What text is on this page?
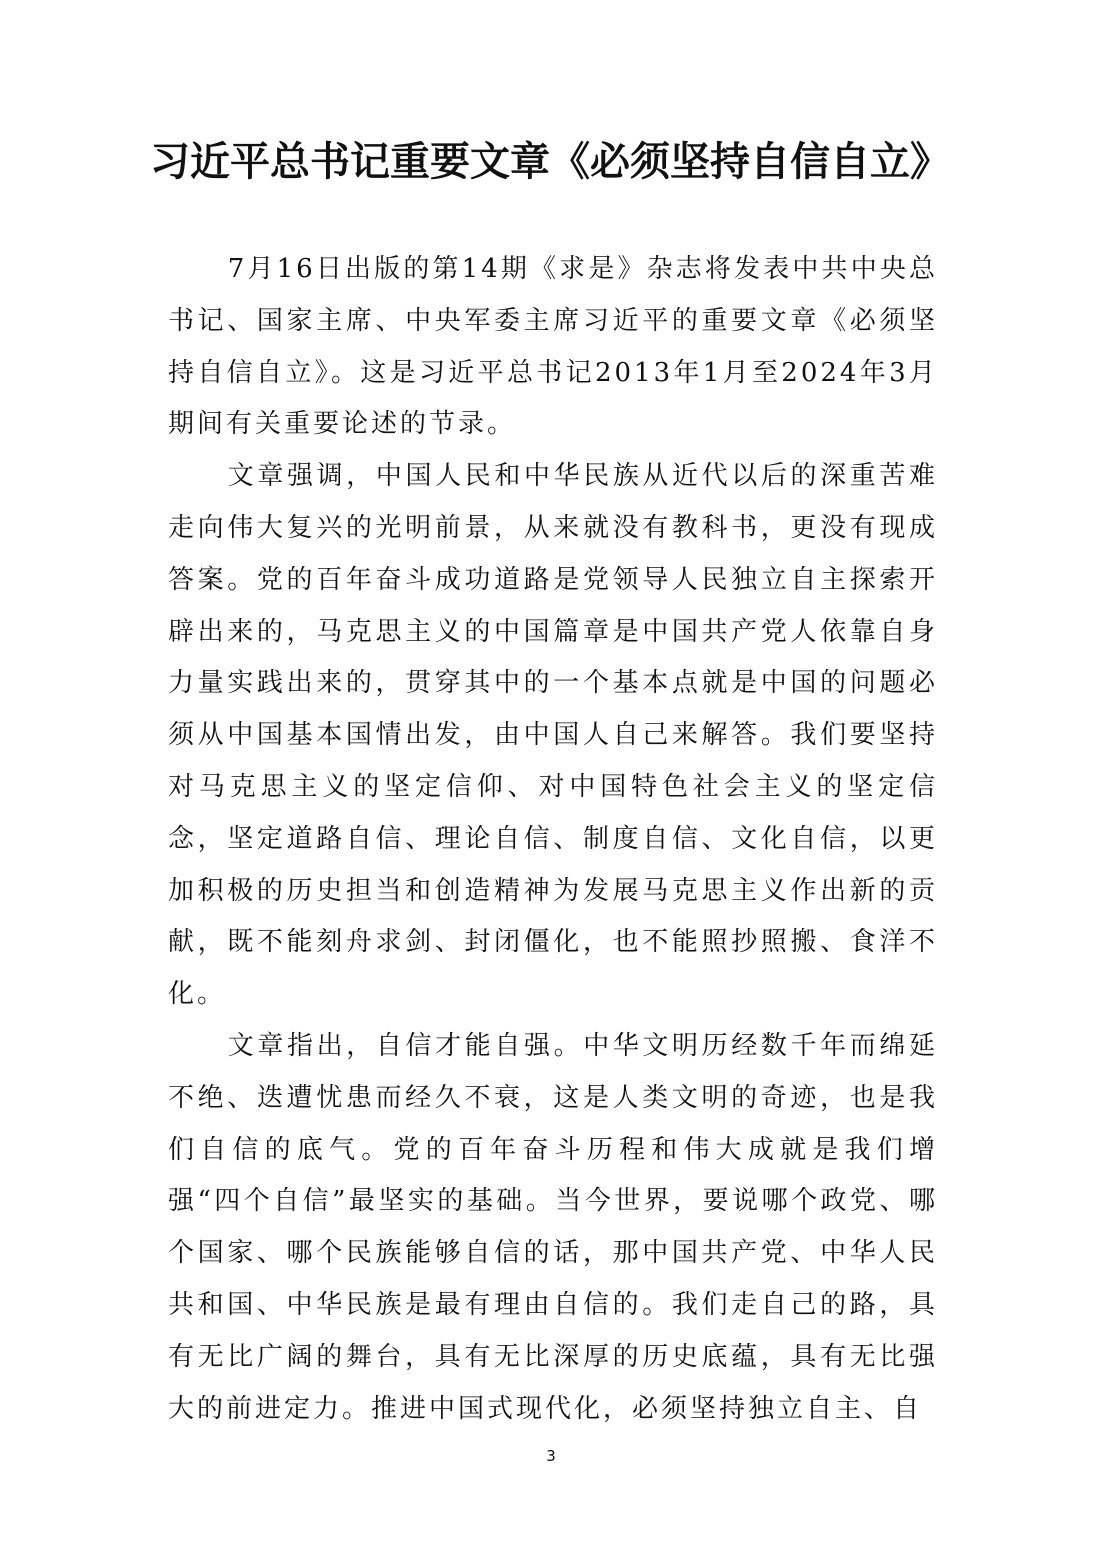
习近平总书记重要文章《必须坚持自信自立》

7月16日出版的第14期《求是》杂志将发表中共中央总书记、国家主席、中央军委主席习近平的重要文章《必须坚持自信自立》。这是习近平总书记2013年1月至2024年3月期间有关重要论述的节录。

文章强调，中国人民和中华民族从近代以后的深重苦难走向伟大复兴的光明前景，从来就没有教科书，更没有现成答案。党的百年奋斗成功道路是党领导人民独立自主探索开辟出来的，马克思主义的中国篇章是中国共产党人依靠自身力量实践出来的，贯穿其中的一个基本点就是中国的问题必须从中国基本国情出发，由中国人自己来解答。我们要坚持对马克思主义的坚定信仰、对中国特色社会主义的坚定信念，坚定道路自信、理论自信、制度自信、文化自信，以更加积极的历史担当和创造精神为发展马克思主义作出新的贡献，既不能刻舟求剑、封闭僵化，也不能照抄照搬、食洋不化。

文章指出，自信才能自强。中华文明历经数千年而绵延不绝、迭遭忧患而经久不衰，这是人类文明的奇迹，也是我们自信的底气。党的百年奋斗历程和伟大成就是我们增强“四个自信”最坚实的基础。当今世界，要说哪个政党、哪个国家、哪个民族能够自信的话，那中国共产党、中华人民共和国、中华民族是最有理由自信的。我们走自己的路，具有无比广阔的舞台，具有无比深厚的历史底蕴，具有无比强大的前进定力。推进中国式现代化，必须坚持独立自主、自

3
